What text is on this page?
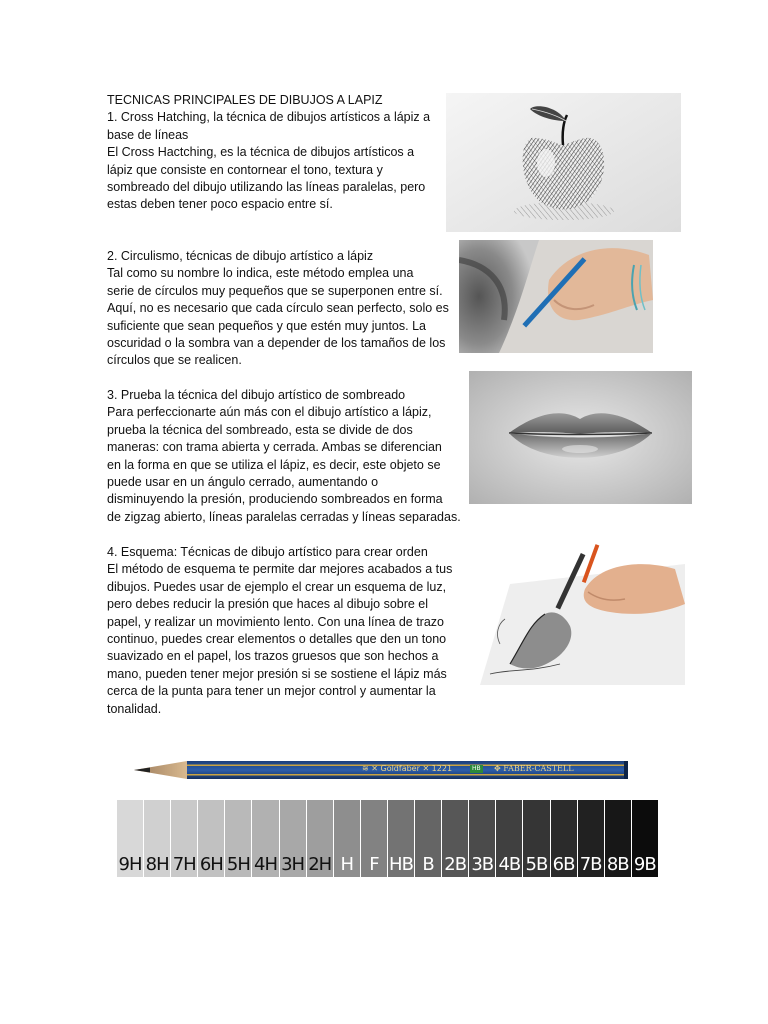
TECNICAS PRINCIPALES DE DIBUJOS A LAPIZ

1. Cross Hatching, la técnica de dibujos artísticos a lápiz a

base de líneas

El Cross Hactching, es la técnica de dibujos artísticos a

lápiz que consiste en contornear el tono, textura y

sombreado del dibujo utilizando las líneas paralelas, pero

estas deben tener poco espacio entre sí.

2. Circulismo, técnicas de dibujo artístico a lápiz

Tal como su nombre lo indica, este método emplea una

serie de círculos muy pequeños que se superponen entre sí.

Aquí, no es necesario que cada círculo sean perfecto, solo es

suficiente que sean pequeños y que estén muy juntos. La

oscuridad o la sombra van a depender de los tamaños de los

círculos que se realicen.

3. Prueba la técnica del dibujo artístico de sombreado

Para perfeccionarte aún más con el dibujo artístico a lápiz,

prueba la técnica del sombreado, esta se divide de dos

maneras: con trama abierta y cerrada. Ambas se diferencian

en la forma en que se utiliza el lápiz, es decir, este objeto se

puede usar en un ángulo cerrado, aumentando o

disminuyendo la presión, produciendo sombreados en forma

de zigzag abierto, líneas paralelas cerradas y líneas separadas.

4. Esquema: Técnicas de dibujo artístico para crear orden

El método de esquema te permite dar mejores acabados a tus

dibujos. Puedes usar de ejemplo el crear un esquema de luz,

pero debes reducir la presión que haces al dibujo sobre el

papel, y realizar un movimiento lento. Con una línea de trazo

continuo, puedes crear elementos o detalles que den un tono

suavizado en el papel, los trazos gruesos que son hechos a

mano, pueden tener mejor presión si se sostiene el lápiz más

cerca de la punta para tener un mejor control y aumentar la

tonalidad.

≋ ✕ Goldfaber ✕ 1221	HB ✥ FABER-CASTELL
9H 8H 7H 6H 5H 4H 3H 2H H F HB B 2B 3B 4B 5B 6B 7B 8B 9B
